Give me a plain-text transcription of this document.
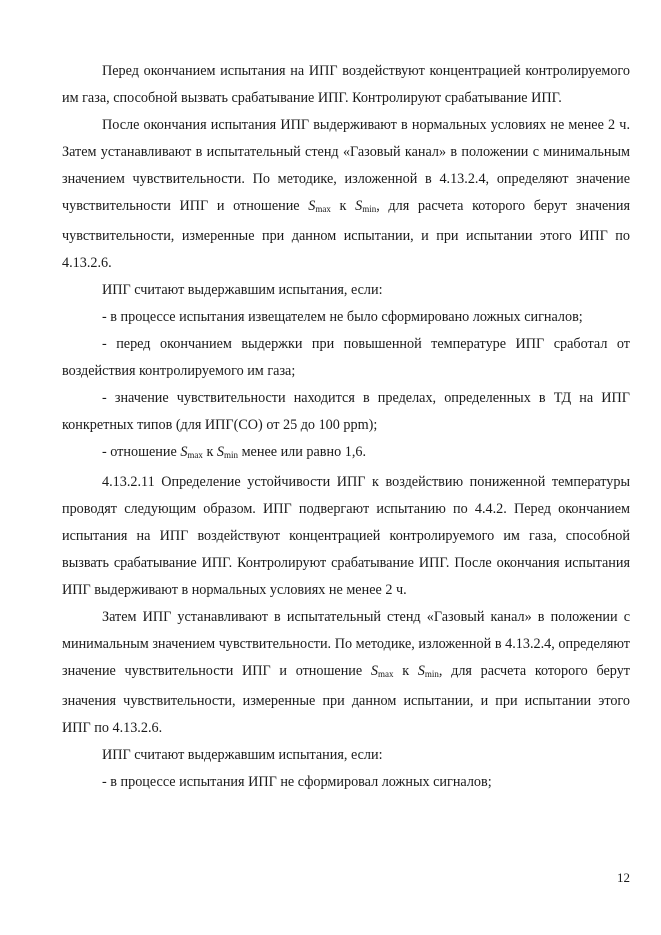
Перед окончанием испытания на ИПГ воздействуют концентрацией контролируемого им газа, способной вызвать срабатывание ИПГ. Контролируют срабатывание ИПГ.

После окончания испытания ИПГ выдерживают в нормальных условиях не менее 2 ч. Затем устанавливают в испытательный стенд «Газовый канал» в положении с минимальным значением чувствительности. По методике, изложенной в 4.13.2.4, определяют значение чувствительности ИПГ и отношение $S_{max}$ к $S_{min}$, для расчета которого берут значения чувствительности, измеренные при данном испытании, и при испытании этого ИПГ по 4.13.2.6.

ИПГ считают выдержавшим испытания, если:

- в процессе испытания извещателем не было сформировано ложных сигналов;

- перед окончанием выдержки при повышенной температуре ИПГ сработал от воздействия контролируемого им газа;

- значение чувствительности находится в пределах, определенных в ТД на ИПГ конкретных типов (для ИПГ(СО) от 25 до 100 ppm);

- отношение $S_{max}$ к $S_{min}$ менее или равно 1,6.

4.13.2.11 Определение устойчивости ИПГ к воздействию пониженной температуры проводят следующим образом. ИПГ подвергают испытанию по 4.4.2. Перед окончанием испытания на ИПГ воздействуют концентрацией контролируемого им газа, способной вызвать срабатывание ИПГ. Контролируют срабатывание ИПГ. После окончания испытания ИПГ выдерживают в нормальных условиях не менее 2 ч.

Затем ИПГ устанавливают в испытательный стенд «Газовый канал» в положении с минимальным значением чувствительности. По методике, изложенной в 4.13.2.4, определяют значение чувствительности ИПГ и отношение $S_{max}$ к $S_{min}$, для расчета которого берут значения чувствительности, измеренные при данном испытании, и при испытании этого ИПГ по 4.13.2.6.

ИПГ считают выдержавшим испытания, если:

- в процессе испытания ИПГ не сформировал ложных сигналов;

12
